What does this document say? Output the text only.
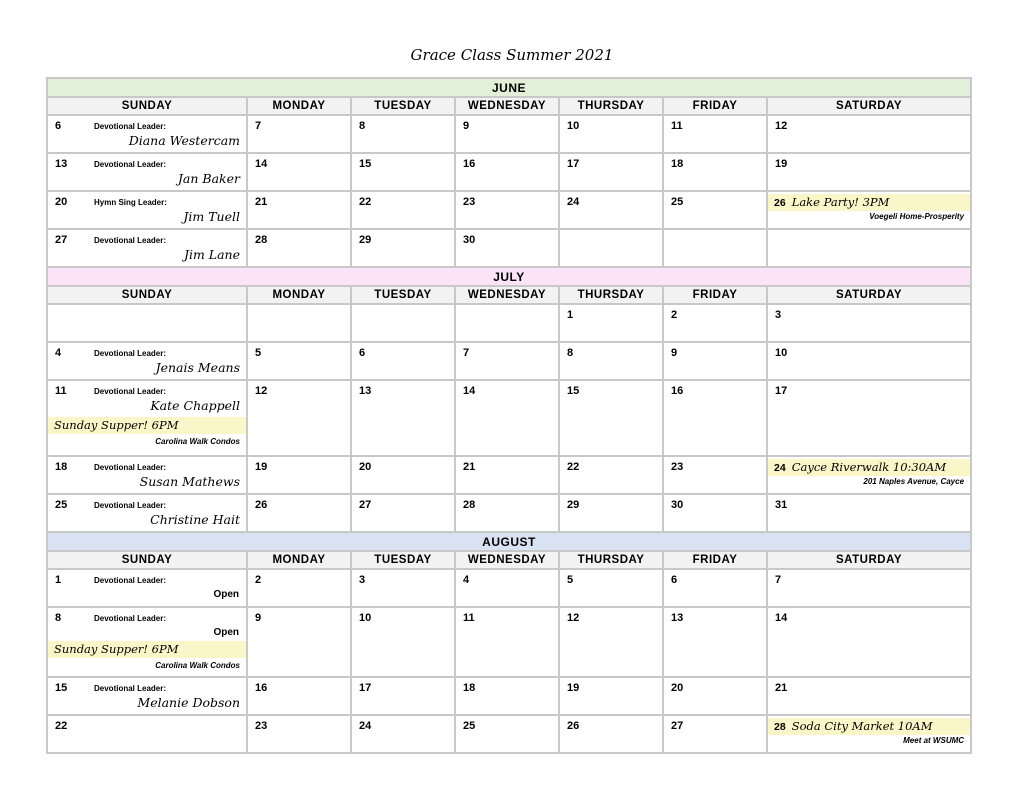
Grace Class Summer 2021
JUNE						
SUNDAY	MONDAY	TUESDAY	WEDNESDAY	THURSDAY	FRIDAY	SATURDAY

6 Devotional Leader:
Diana Westercam	7	8	9	10	11	12

13 Devotional Leader:
Jan Baker	14	15	16	17	18	19

20 Hymn Sing Leader:
Jim Tuell	21	22	23	24	25	26 Lake Party! 3PM
Voegeli Home-Prosperity

27 Devotional Leader:
Jim Lane	28	29	30			

JULY						
SUNDAY	MONDAY	TUESDAY	WEDNESDAY	THURSDAY	FRIDAY	SATURDAY

				1	2	3

4 Devotional Leader:
Jenais Means	5	6	7	8	9	10

11 Devotional Leader:
Kate Chappell
Sunday Supper! 6PM
Carolina Walk Condos	12	13	14	15	16	17

18 Devotional Leader:
Susan Mathews	19	20	21	22	23	24 Cayce Riverwalk 10:30AM
201 Naples Avenue, Cayce

25 Devotional Leader:
Christine Hait	26	27	28	29	30	31

AUGUST						
SUNDAY	MONDAY	TUESDAY	WEDNESDAY	THURSDAY	FRIDAY	SATURDAY

1 Devotional Leader:
Open	2	3	4	5	6	7

8 Devotional Leader:
Open
Sunday Supper! 6PM
Carolina Walk Condos	9	10	11	12	13	14

15 Devotional Leader:
Melanie Dobson	16	17	18	19	20	21

22	23	24	25	26	27	28 Soda City Market 10AM
Meet at WSUMC
